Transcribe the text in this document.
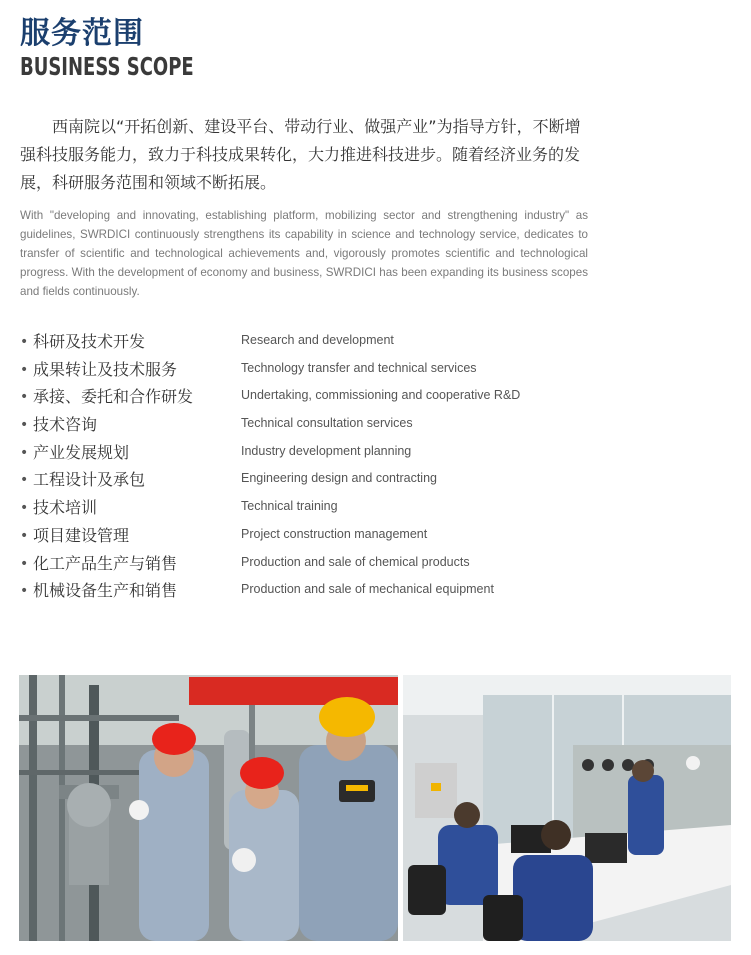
服务范围
BUSINESS SCOPE

西南院以“开拓创新、建设平台、带动行业、做强产业”为指导方针，不断增强科技服务能力，致力于科技成果转化，大力推进科技进步。随着经济业务的发展，科研服务范围和领域不断拓展。

With "developing and innovating, establishing platform, mobilizing sector and strengthening industry" as guidelines, SWRDICI continuously strengthens its capability in science and technology service, dedicates to transfer of scientific and technological achievements and, vigorously promotes scientific and technological progress. With the development of economy and business, SWRDICI has been expanding its business scopes and fields continuously.

• 科研及技术开发	Research and development
• 成果转让及技术服务	Technology transfer and technical services
• 承接、委托和合作研发	Undertaking, commissioning and cooperative R&D
• 技术咨询	Technical consultation services
• 产业发展规划	Industry development planning
• 工程设计及承包	Engineering design and contracting
• 技术培训	Technical training
• 项目建设管理	Project construction management
• 化工产品生产与销售	Production and sale of chemical products
• 机械设备生产和销售	Production and sale of mechanical equipment
